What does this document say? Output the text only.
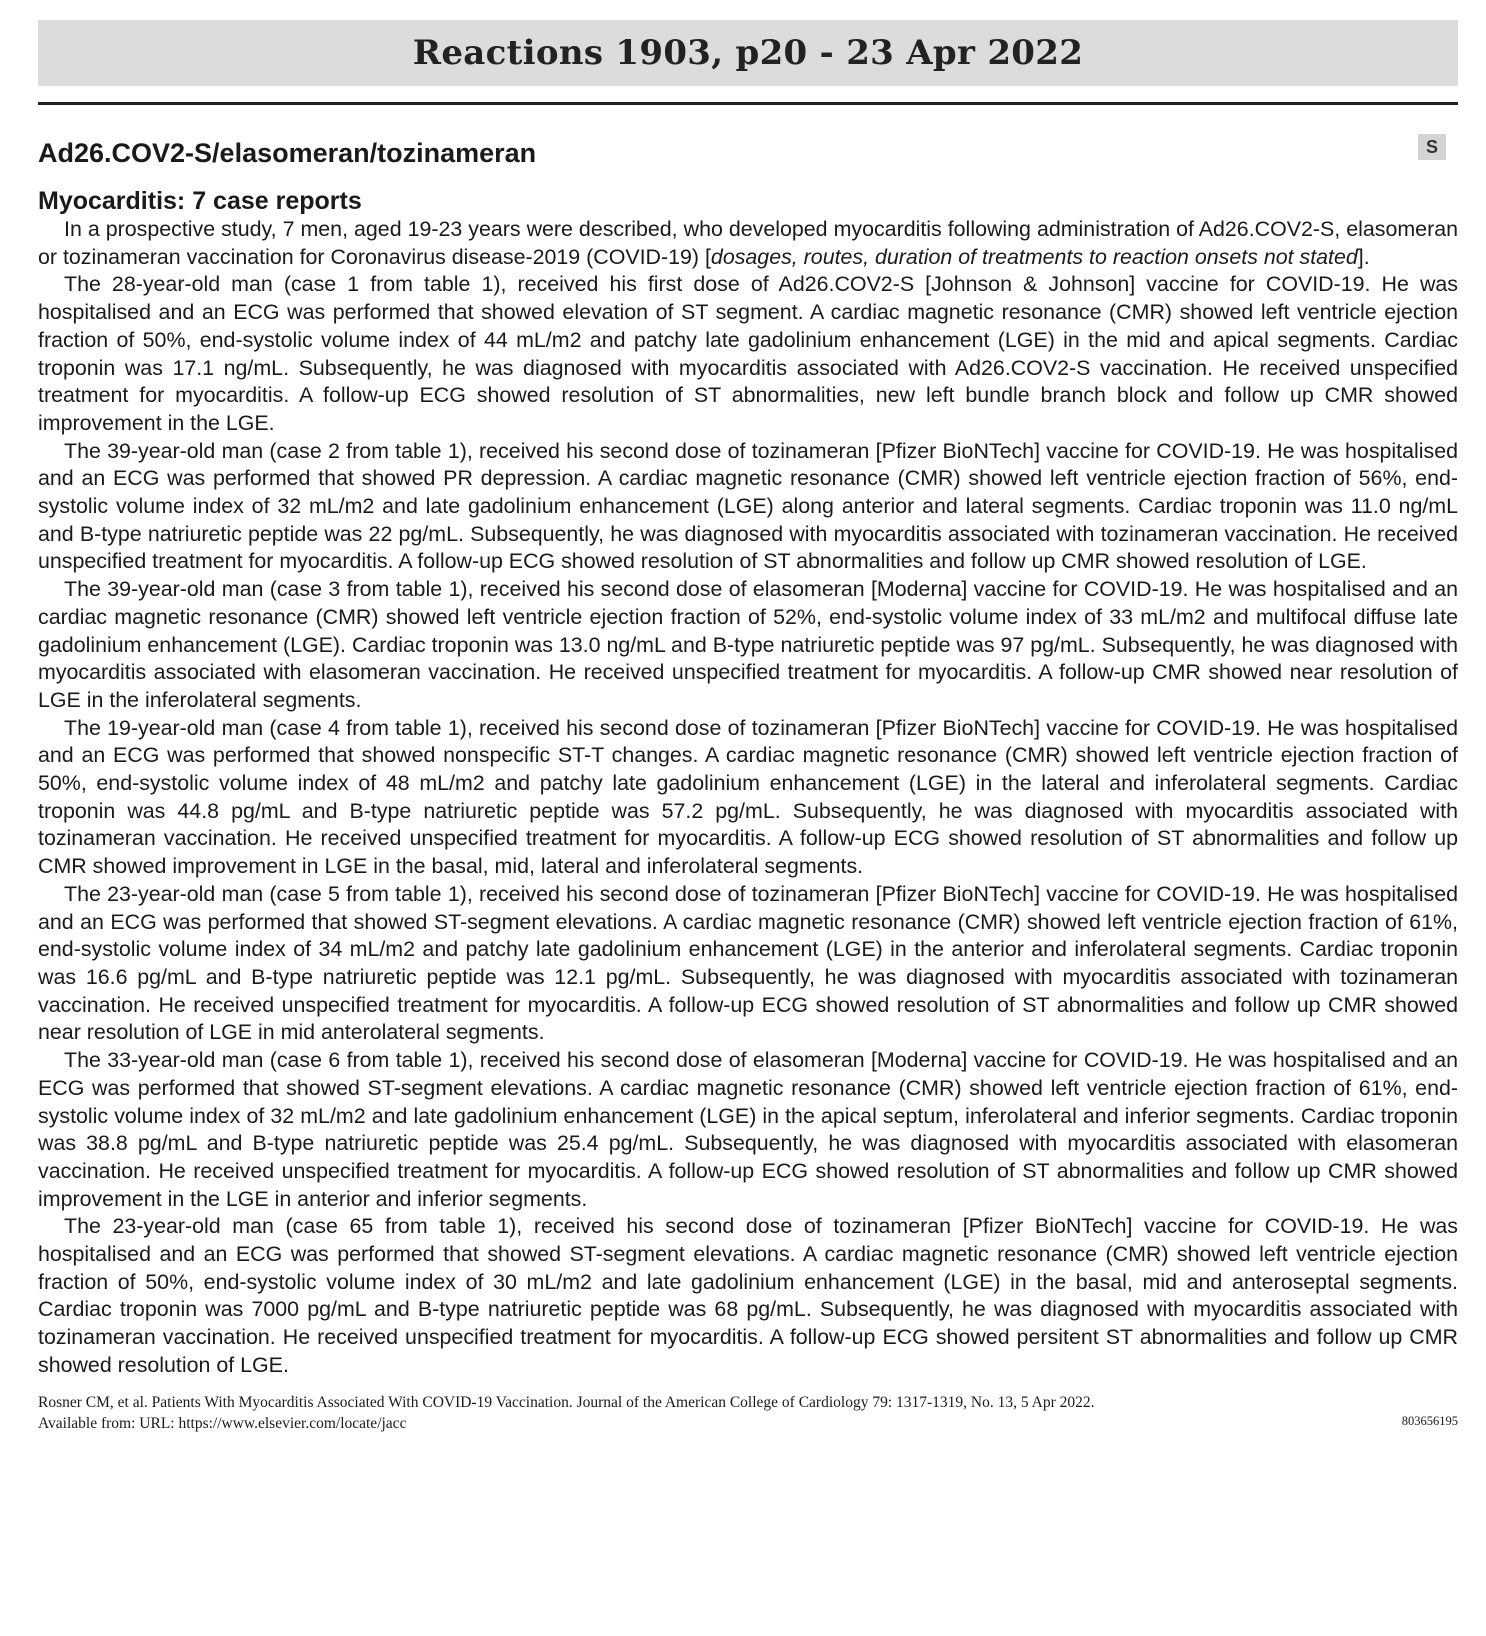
Reactions 1903, p20 - 23 Apr 2022
Ad26.COV2-S/elasomeran/tozinameran	S
Myocarditis: 7 case reports

In a prospective study, 7 men, aged 19-23 years were described, who developed myocarditis following administration of Ad26.COV2-S, elasomeran or tozinameran vaccination for Coronavirus disease-2019 (COVID-19) [dosages, routes, duration of treatments to reaction onsets not stated].

The 28-year-old man (case 1 from table 1), received his first dose of Ad26.COV2-S [Johnson & Johnson] vaccine for COVID-19. He was hospitalised and an ECG was performed that showed elevation of ST segment. A cardiac magnetic resonance (CMR) showed left ventricle ejection fraction of 50%, end-systolic volume index of 44 mL/m2 and patchy late gadolinium enhancement (LGE) in the mid and apical segments. Cardiac troponin was 17.1 ng/mL. Subsequently, he was diagnosed with myocarditis associated with Ad26.COV2-S vaccination. He received unspecified treatment for myocarditis. A follow-up ECG showed resolution of ST abnormalities, new left bundle branch block and follow up CMR showed improvement in the LGE.

The 39-year-old man (case 2 from table 1), received his second dose of tozinameran [Pfizer BioNTech] vaccine for COVID-19. He was hospitalised and an ECG was performed that showed PR depression. A cardiac magnetic resonance (CMR) showed left ventricle ejection fraction of 56%, end-systolic volume index of 32 mL/m2 and late gadolinium enhancement (LGE) along anterior and lateral segments. Cardiac troponin was 11.0 ng/mL and B-type natriuretic peptide was 22 pg/mL. Subsequently, he was diagnosed with myocarditis associated with tozinameran vaccination. He received unspecified treatment for myocarditis. A follow-up ECG showed resolution of ST abnormalities and follow up CMR showed resolution of LGE.

The 39-year-old man (case 3 from table 1), received his second dose of elasomeran [Moderna] vaccine for COVID-19. He was hospitalised and an cardiac magnetic resonance (CMR) showed left ventricle ejection fraction of 52%, end-systolic volume index of 33 mL/m2 and multifocal diffuse late gadolinium enhancement (LGE). Cardiac troponin was 13.0 ng/mL and B-type natriuretic peptide was 97 pg/mL. Subsequently, he was diagnosed with myocarditis associated with elasomeran vaccination. He received unspecified treatment for myocarditis. A follow-up CMR showed near resolution of LGE in the inferolateral segments.

The 19-year-old man (case 4 from table 1), received his second dose of tozinameran [Pfizer BioNTech] vaccine for COVID-19. He was hospitalised and an ECG was performed that showed nonspecific ST-T changes. A cardiac magnetic resonance (CMR) showed left ventricle ejection fraction of 50%, end-systolic volume index of 48 mL/m2 and patchy late gadolinium enhancement (LGE) in the lateral and inferolateral segments. Cardiac troponin was 44.8 pg/mL and B-type natriuretic peptide was 57.2 pg/mL. Subsequently, he was diagnosed with myocarditis associated with tozinameran vaccination. He received unspecified treatment for myocarditis. A follow-up ECG showed resolution of ST abnormalities and follow up CMR showed improvement in LGE in the basal, mid, lateral and inferolateral segments.

The 23-year-old man (case 5 from table 1), received his second dose of tozinameran [Pfizer BioNTech] vaccine for COVID-19. He was hospitalised and an ECG was performed that showed ST-segment elevations. A cardiac magnetic resonance (CMR) showed left ventricle ejection fraction of 61%, end-systolic volume index of 34 mL/m2 and patchy late gadolinium enhancement (LGE) in the anterior and inferolateral segments. Cardiac troponin was 16.6 pg/mL and B-type natriuretic peptide was 12.1 pg/mL. Subsequently, he was diagnosed with myocarditis associated with tozinameran vaccination. He received unspecified treatment for myocarditis. A follow-up ECG showed resolution of ST abnormalities and follow up CMR showed near resolution of LGE in mid anterolateral segments.

The 33-year-old man (case 6 from table 1), received his second dose of elasomeran [Moderna] vaccine for COVID-19. He was hospitalised and an ECG was performed that showed ST-segment elevations. A cardiac magnetic resonance (CMR) showed left ventricle ejection fraction of 61%, end-systolic volume index of 32 mL/m2 and late gadolinium enhancement (LGE) in the apical septum, inferolateral and inferior segments. Cardiac troponin was 38.8 pg/mL and B-type natriuretic peptide was 25.4 pg/mL. Subsequently, he was diagnosed with myocarditis associated with elasomeran vaccination. He received unspecified treatment for myocarditis. A follow-up ECG showed resolution of ST abnormalities and follow up CMR showed improvement in the LGE in anterior and inferior segments.

The 23-year-old man (case 65 from table 1), received his second dose of tozinameran [Pfizer BioNTech] vaccine for COVID-19. He was hospitalised and an ECG was performed that showed ST-segment elevations. A cardiac magnetic resonance (CMR) showed left ventricle ejection fraction of 50%, end-systolic volume index of 30 mL/m2 and late gadolinium enhancement (LGE) in the basal, mid and anteroseptal segments. Cardiac troponin was 7000 pg/mL and B-type natriuretic peptide was 68 pg/mL. Subsequently, he was diagnosed with myocarditis associated with tozinameran vaccination. He received unspecified treatment for myocarditis. A follow-up ECG showed persitent ST abnormalities and follow up CMR showed resolution of LGE.

Rosner CM, et al. Patients With Myocarditis Associated With COVID-19 Vaccination. Journal of the American College of Cardiology 79: 1317-1319, No. 13, 5 Apr 2022.
Available from: URL: https://www.elsevier.com/locate/jacc	803656195
